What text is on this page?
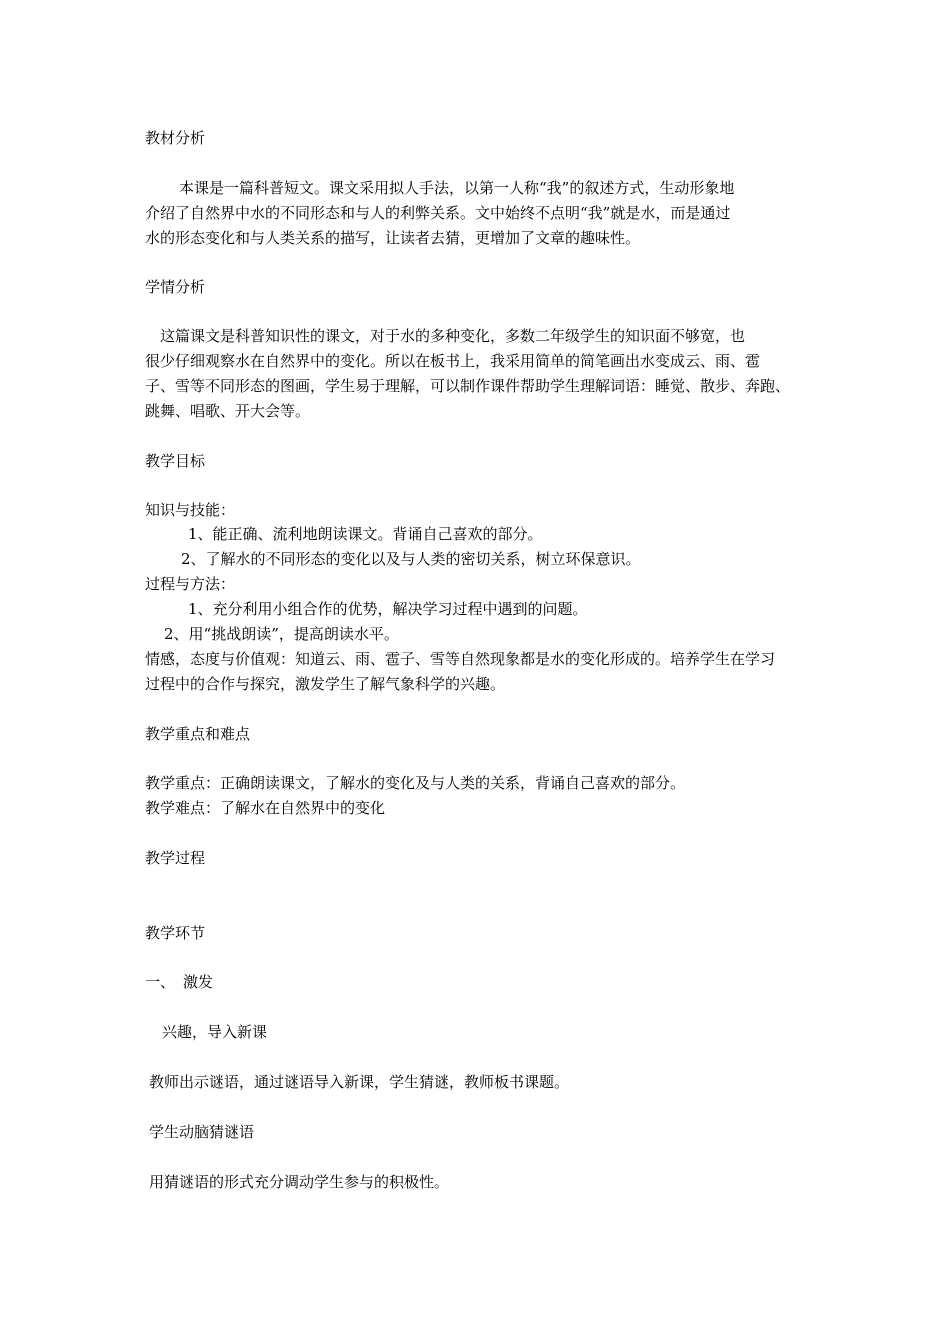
教材分析

本课是一篇科普短文。课文采用拟人手法，以第一人称“我”的叙述方式，生动形象地

介绍了自然界中水的不同形态和与人的利弊关系。文中始终不点明“我”就是水，而是通过

水的形态变化和与人类关系的描写，让读者去猜，更增加了文章的趣味性。

学情分析

这篇课文是科普知识性的课文，对于水的多种变化，多数二年级学生的知识面不够宽，也

很少仔细观察水在自然界中的变化。所以在板书上，我采用简单的简笔画出水变成云、雨、雹

子、雪等不同形态的图画，学生易于理解，可以制作课件帮助学生理解词语：睡觉、散步、奔跑、

跳舞、唱歌、开大会等。

教学目标

知识与技能：

1、能正确、流利地朗读课文。背诵自己喜欢的部分。

2、了解水的不同形态的变化以及与人类的密切关系，树立环保意识。

过程与方法：

1、充分利用小组合作的优势，解决学习过程中遇到的问题。

2、用“挑战朗读”，提高朗读水平。

情感，态度与价值观：知道云、雨、雹子、雪等自然现象都是水的变化形成的。培养学生在学习

过程中的合作与探究，激发学生了解气象科学的兴趣。

教学重点和难点

教学重点：正确朗读课文，了解水的变化及与人类的关系，背诵自己喜欢的部分。

教学难点：了解水在自然界中的变化

教学过程

教学环节

一、 激发

兴趣，导入新课

教师出示谜语，通过谜语导入新课，学生猜谜，教师板书课题。

学生动脑猜谜语

用猜谜语的形式充分调动学生参与的积极性。
